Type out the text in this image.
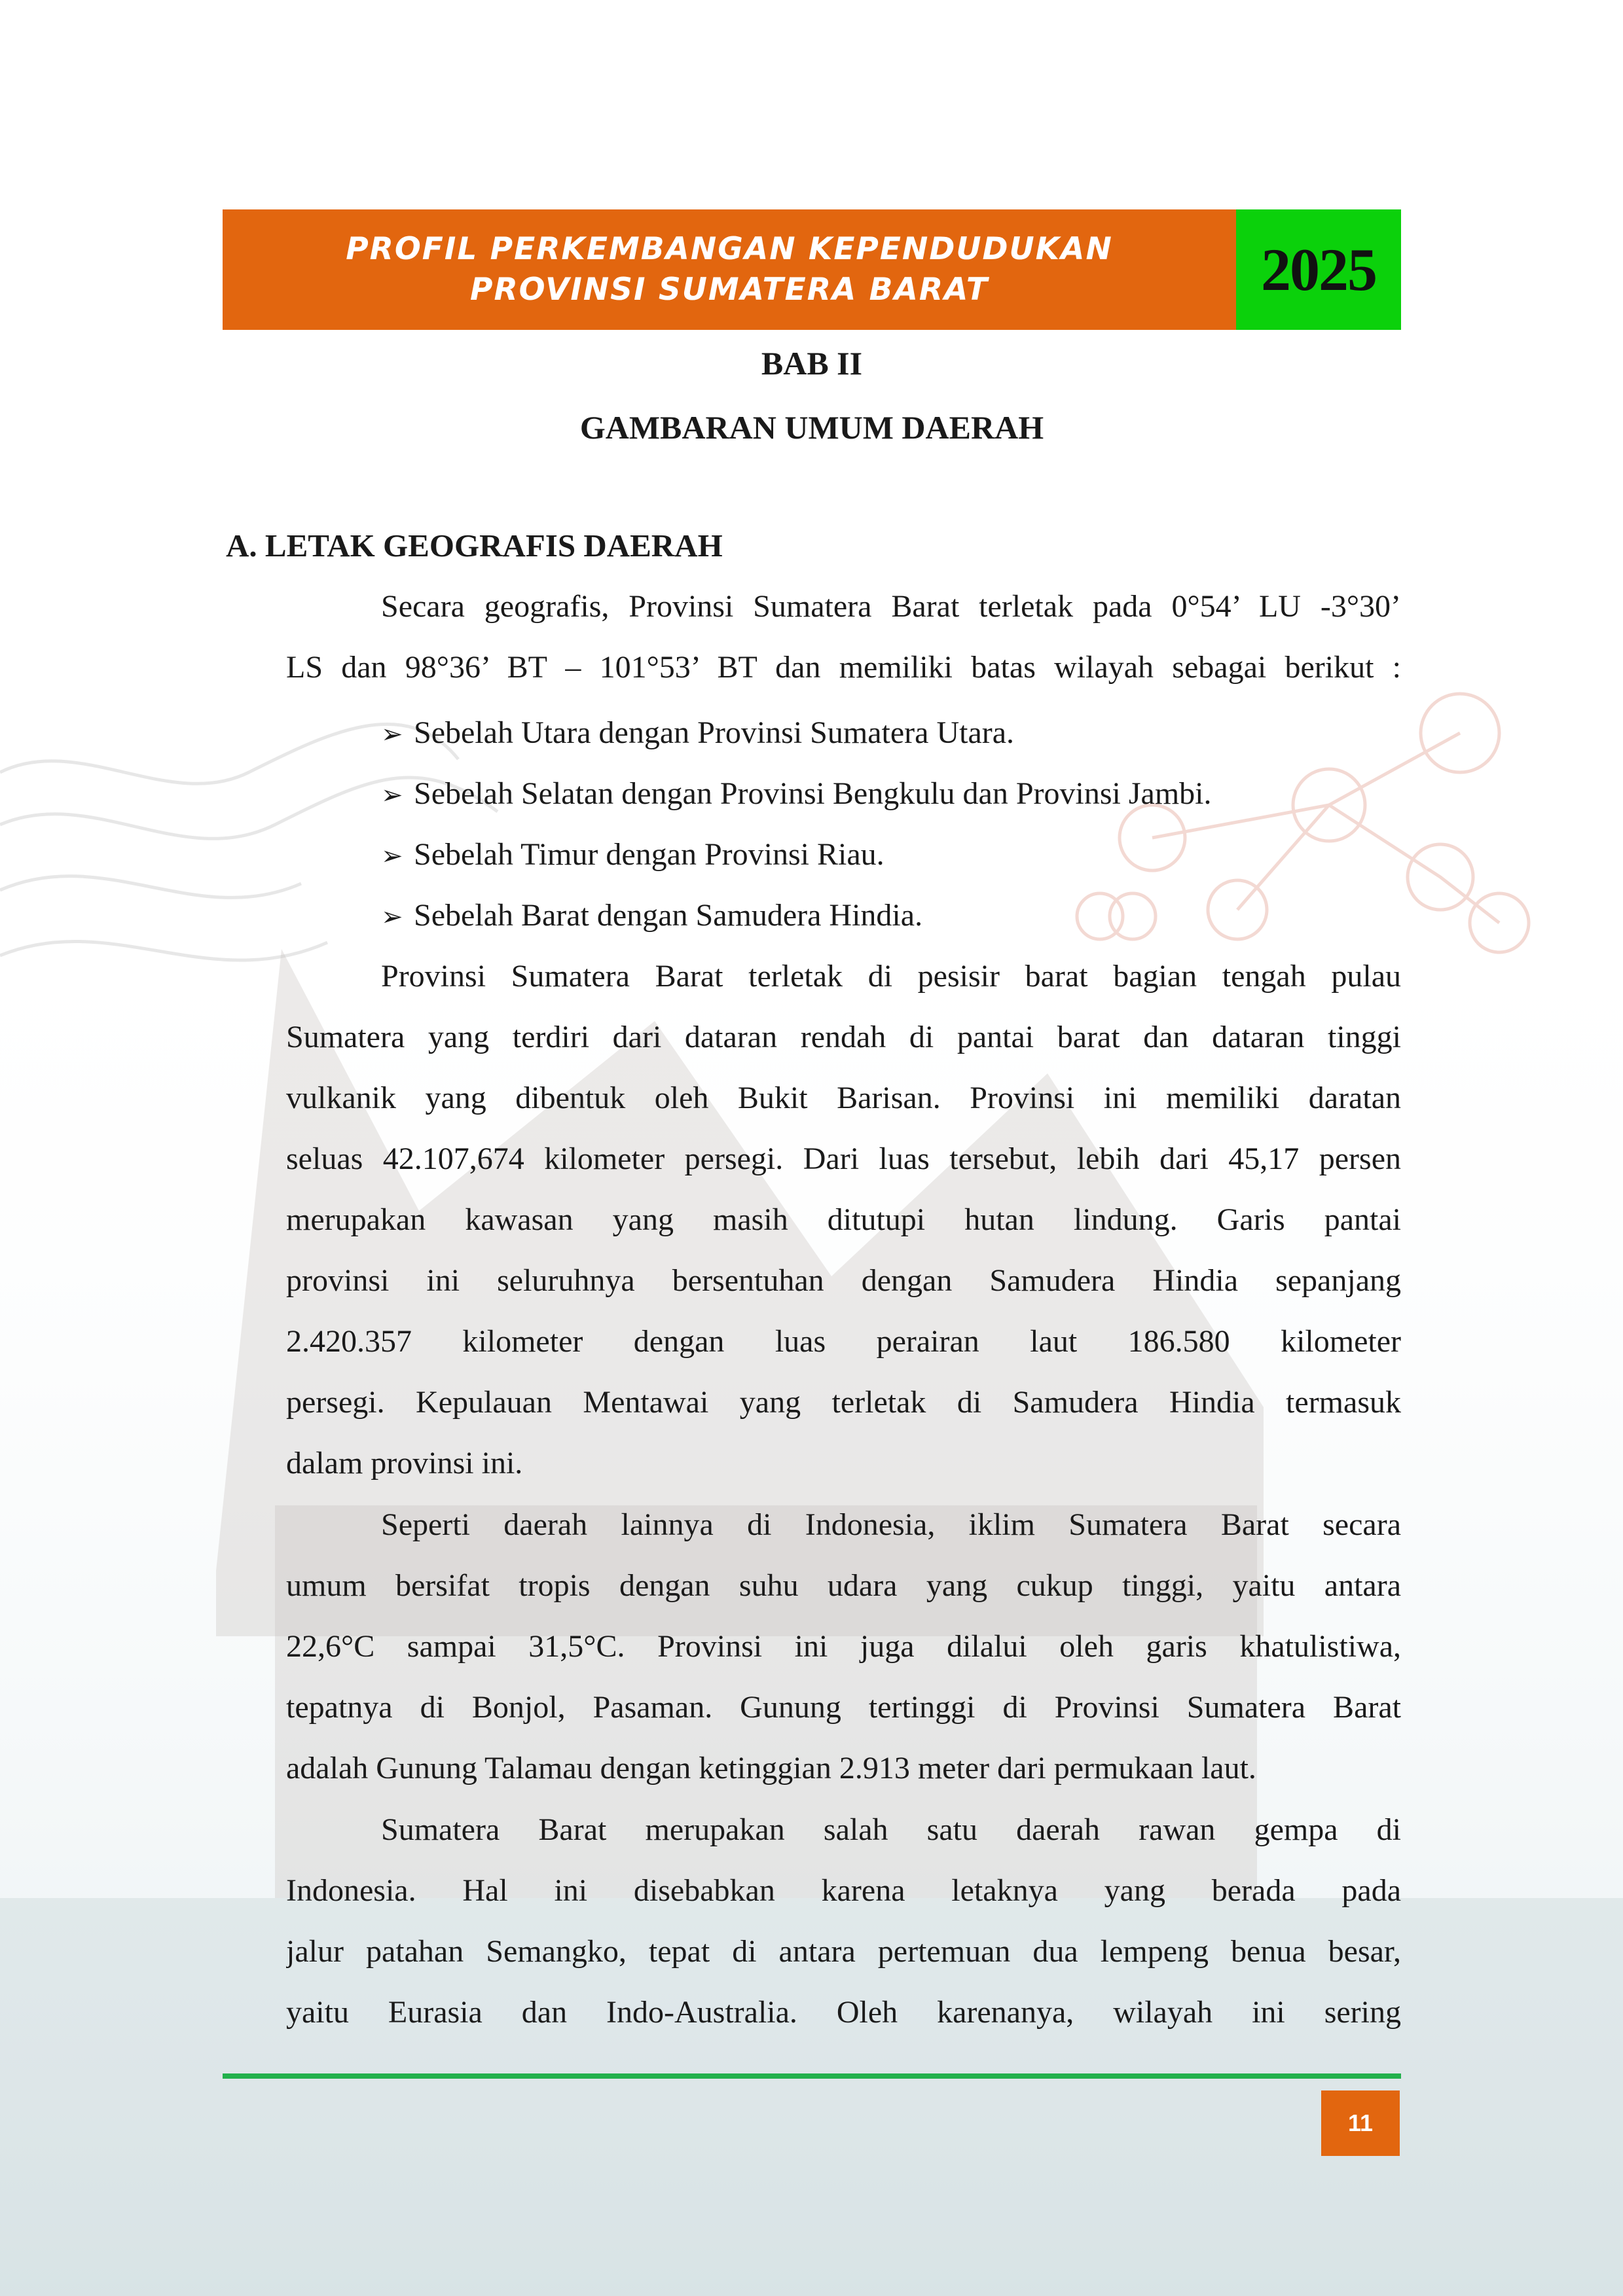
PROFIL PERKEMBANGAN KEPENDUDUKAN
PROVINSI SUMATERA BARAT	2025
BAB II
GAMBARAN UMUM DAERAH
A. LETAK GEOGRAFIS DAERAH
Secara geografis, Provinsi Sumatera Barat terletak pada 0°54’ LU -3°30’
LS dan 98°36’ BT – 101°53’ BT dan memiliki batas wilayah sebagai berikut :
➢ Sebelah Utara dengan Provinsi Sumatera Utara.
➢ Sebelah Selatan dengan Provinsi Bengkulu dan Provinsi Jambi.
➢ Sebelah Timur dengan Provinsi Riau.
➢ Sebelah Barat dengan Samudera Hindia.
Provinsi Sumatera Barat terletak di pesisir barat bagian tengah pulau
Sumatera yang terdiri dari dataran rendah di pantai barat dan dataran tinggi
vulkanik yang dibentuk oleh Bukit Barisan. Provinsi ini memiliki daratan
seluas 42.107,674 kilometer persegi. Dari luas tersebut, lebih dari 45,17 persen
merupakan kawasan yang masih ditutupi hutan lindung. Garis pantai
provinsi ini seluruhnya bersentuhan dengan Samudera Hindia sepanjang
2.420.357 kilometer dengan luas perairan laut 186.580 kilometer
persegi. Kepulauan Mentawai yang terletak di Samudera Hindia termasuk
dalam provinsi ini.
Seperti daerah lainnya di Indonesia, iklim Sumatera Barat secara
umum bersifat tropis dengan suhu udara yang cukup tinggi, yaitu antara
22,6°C sampai 31,5°C. Provinsi ini juga dilalui oleh garis khatulistiwa,
tepatnya di Bonjol, Pasaman. Gunung tertinggi di Provinsi Sumatera Barat
adalah Gunung Talamau dengan ketinggian 2.913 meter dari permukaan laut.
Sumatera Barat merupakan salah satu daerah rawan gempa di
Indonesia. Hal ini disebabkan karena letaknya yang berada pada
jalur patahan Semangko, tepat di antara pertemuan dua lempeng benua besar,
yaitu Eurasia dan Indo-Australia. Oleh karenanya, wilayah ini sering
11
